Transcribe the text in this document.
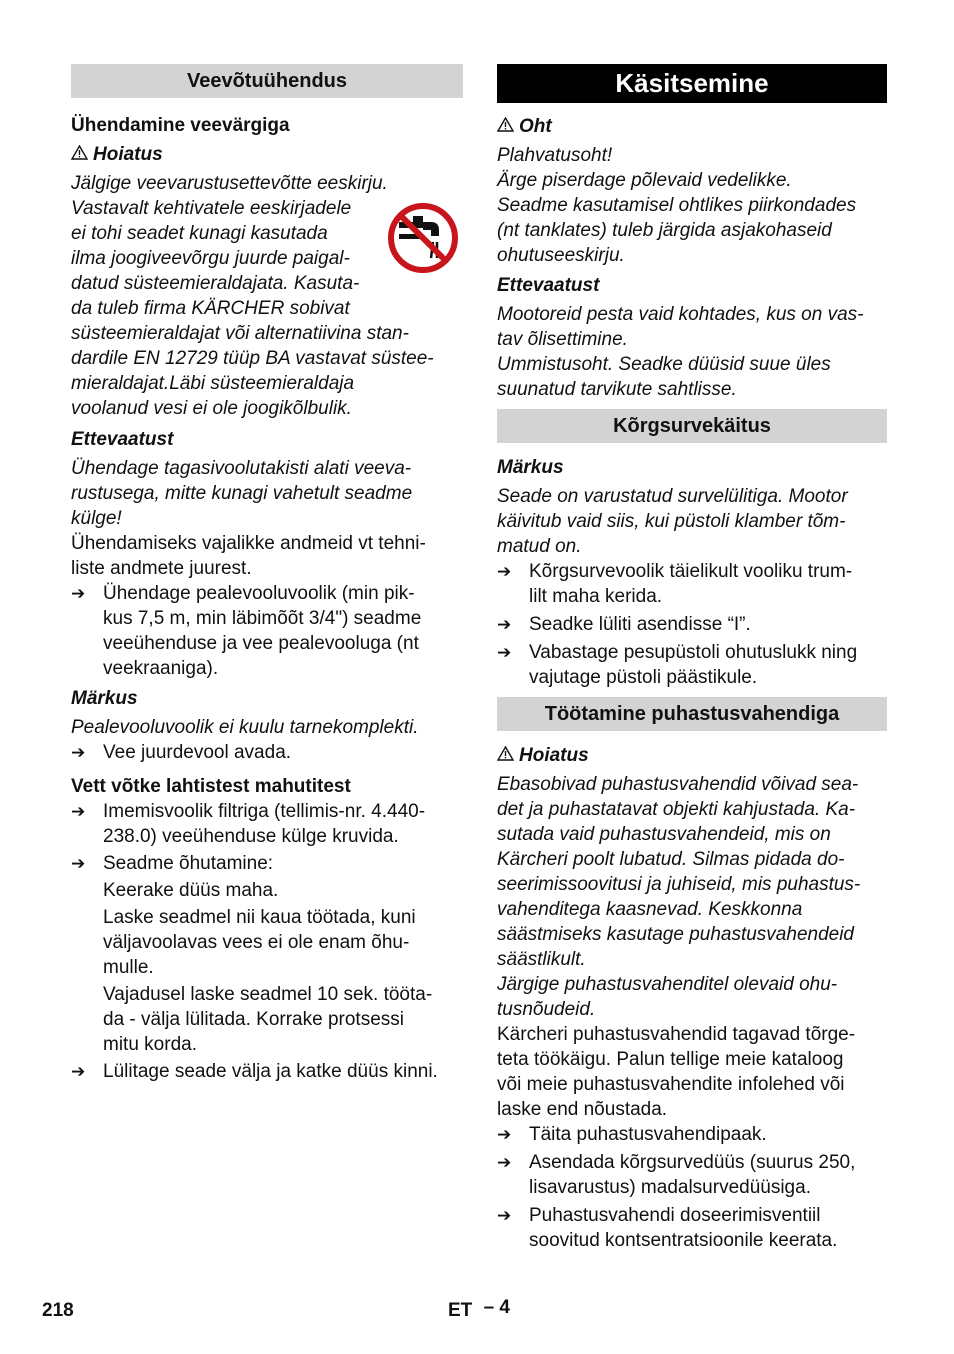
Veevõtuühendus

Ühendamine veevärgiga

Hoiatus

Jälgige veevarustusettevõtte eeskirju.

Vastavalt kehtivatele eeskirjadele

ei tohi seadet kunagi kasutada

ilma joogiveevõrgu juurde paigal-

datud süsteemieraldajata. Kasuta-

da tuleb firma KÄRCHER sobivat

süsteemieraldajat või alternatiivina stan-

dardile EN 12729 tüüp BA vastavat süstee-

mieraldajat.Läbi süsteemieraldaja

voolanud vesi ei ole joogikõlbulik.

Ettevaatust

Ühendage tagasivoolutakisti alati veeva-

rustusega, mitte kunagi vahetult seadme

külge!

Ühendamiseks vajalikke andmeid vt tehni-

liste andmete juurest.

➔ Ühendage pealevooluvoolik (min pik-

kus 7,5 m, min läbimõõt 3/4") seadme

veeühenduse ja vee pealevooluga (nt

veekraaniga).

Märkus

Pealevooluvoolik ei kuulu tarnekomplekti.

➔ Vee juurdevool avada.

Vett võtke lahtistest mahutitest

➔ Imemisvoolik filtriga (tellimis-nr. 4.440-

238.0) veeühenduse külge kruvida.

➔ Seadme õhutamine:

Keerake düüs maha.

Laske seadmel nii kaua töötada, kuni

väljavoolavas vees ei ole enam õhu-

mulle.

Vajadusel laske seadmel 10 sek. tööta-

da - välja lülitada. Korrake protsessi

mitu korda.

➔ Lülitage seade välja ja katke düüs kinni.

Käsitsemine

Oht

Plahvatusoht!

Ärge piserdage põlevaid vedelikke.

Seadme kasutamisel ohtlikes piirkondades

(nt tanklates) tuleb järgida asjakohaseid

ohutuseeskirju.

Ettevaatust

Mootoreid pesta vaid kohtades, kus on vas-

tav õlisettimine.

Ummistusoht. Seadke düüsid suue üles

suunatud tarvikute sahtlisse.

Kõrgsurvekäitus

Märkus

Seade on varustatud survelülitiga. Mootor

käivitub vaid siis, kui püstoli klamber tõm-

matud on.

➔ Kõrgsurvevoolik täielikult vooliku trum-

lilt maha kerida.

➔ Seadke lüliti asendisse “I”.

➔ Vabastage pesupüstoli ohutuslukk ning

vajutage püstoli päästikule.

Töötamine puhastusvahendiga

Hoiatus

Ebasobivad puhastusvahendid võivad sea-

det ja puhastatavat objekti kahjustada. Ka-

sutada vaid puhastusvahendeid, mis on

Kärcheri poolt lubatud. Silmas pidada do-

seerimissoovitusi ja juhiseid, mis puhastus-

vahenditega kaasnevad. Keskkonna

säästmiseks kasutage puhastusvahendeid

säästlikult.

Järgige puhastusvahenditel olevaid ohu-

tusnõudeid.

Kärcheri puhastusvahendid tagavad tõrge-

teta töökäigu. Palun tellige meie kataloog

või meie puhastusvahendite infolehed või

laske end nõustada.

➔ Täita puhastusvahendipaak.

➔ Asendada kõrgsurvedüüs (suurus 250,

lisavarustus) madalsurvedüüsiga.

➔ Puhastusvahendi doseerimisventiil

soovitud kontsentratsioonile keerata.

218	ET – 4
